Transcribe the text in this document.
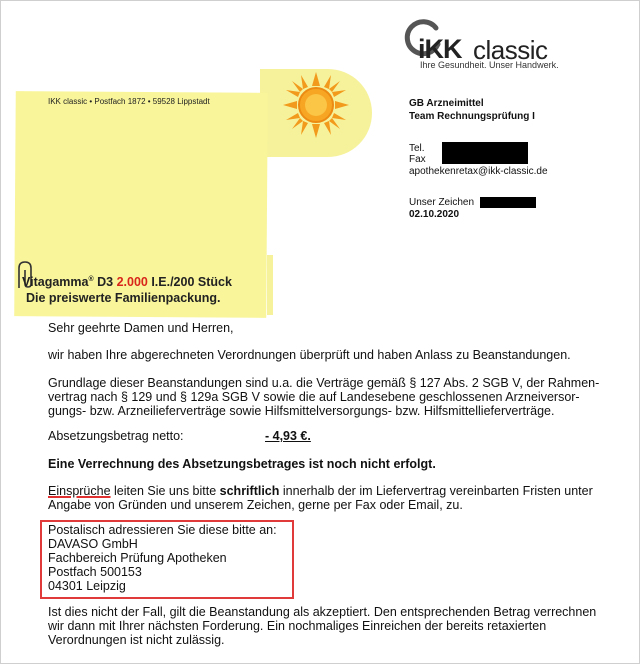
iKK classic
Ihre Gesundheit. Unser Handwerk.
IKK classic • Postfach 1872 • 59528 Lippstadt
Vitagamma® D3 2.000 I.E./200 Stück
Die preiswerte Familienpackung.
GB Arzneimittel
Team Rechnungsprüfung I
Tel.
Fax
apothekenretax@ikk-classic.de
Unser Zeichen
02.10.2020
Sehr geehrte Damen und Herren,
wir haben Ihre abgerechneten Verordnungen überprüft und haben Anlass zu Beanstandungen.
Grundlage dieser Beanstandungen sind u.a. die Verträge gemäß § 127 Abs. 2 SGB V, der Rahmen-
vertrag nach § 129 und § 129a SGB V sowie die auf Landesebene geschlossenen Arzneiversor-
gungs- bzw. Arzneilieferverträge sowie Hilfsmittelversorgungs- bzw. Hilfsmittellieferverträge.
Absetzungsbetrag netto:	- 4,93 €.
Eine Verrechnung des Absetzungsbetrages ist noch nicht erfolgt.
Einsprüche leiten Sie uns bitte schriftlich innerhalb der im Liefervertrag vereinbarten Fristen unter
Angabe von Gründen und unserem Zeichen, gerne per Fax oder Email, zu.
Postalisch adressieren Sie diese bitte an:
DAVASO GmbH
Fachbereich Prüfung Apotheken
Postfach 500153
04301 Leipzig
Ist dies nicht der Fall, gilt die Beanstandung als akzeptiert. Den entsprechenden Betrag verrechnen
wir dann mit Ihrer nächsten Forderung. Ein nochmaliges Einreichen der bereits retaxierten
Verordnungen ist nicht zulässig.
